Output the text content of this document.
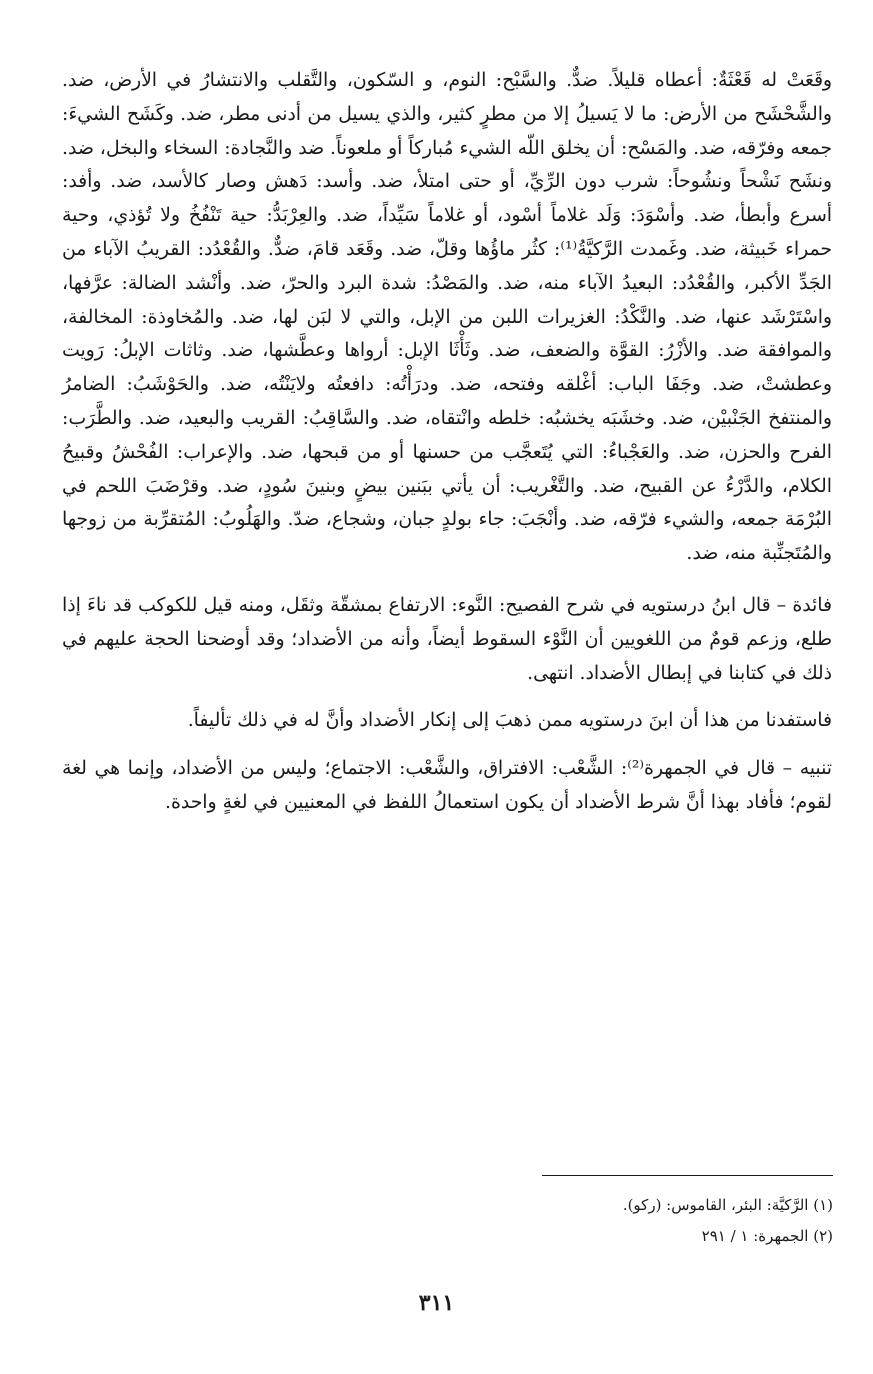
وقَعَتْ له قَعْثَةٌ: أعطاه قليلاً. ضدٌّ. والسَّبْح: النوم، و السّكون، والتَّقلب والانتشارُ في الأرض، ضد. والشَّحْشَح من الأرض: ما لا يَسيلُ إلا من مطرٍ كثير، والذي يسيل من أدنى مطر، ضد. وكَشَح الشيءَ: جمعه وفرّقه، ضد. والمَسْح: أن يخلق اللّه الشيء مُباركاً أو ملعوناً. ضد والنَّجادة: السخاء والبخل، ضد. ونشَح نَشْحاً ونشُوحاً: شرب دون الرِّيِّ، أو حتى امتلأ، ضد. وأسد: دَهش وصار كالأسد، ضد. وأفد: أسرع وأبطأ، ضد. وأسْوَدَ: وَلَد غلاماً أسْود، أو غلاماً سَيِّداً، ضد. والعِرْبَدُّ: حية تَنْفُخُ ولا تُؤذي، وحية حمراء خَبيثة، ضد. وغَمدت الرَّكيَّةُ⁽¹⁾: كثُر ماؤُها وقلّ، ضد. وقَعَد قامَ، ضدٌّ. والقُعْدُد: القريبُ الآباء من الجَدِّ الأكبر، والقُعْدُد: البعيدُ الآباء منه، ضد. والمَصْدُ: شدة البرد والحرّ، ضد. وأنْشد الضالة: عرَّفها، واسْتَرْشَد عنها، ضد. والنَّكْدُ: الغزيرات اللبن من الإبل، والتي لا لبَن لها، ضد. والمُخاوذة: المخالفة، والموافقة ضد. والأزْرُ: القوَّة والضعف، ضد. وثَأْثَا الإبل: أرواها وعطَّشها، ضد. وثاثات الإبلُ: رَويت وعطشتْ، ضد. وجَفَا الباب: أغْلقه وفتحه، ضد. ودرَأْتُه: دافعتُه ولايَنْتُه، ضد. والحَوْشَبُ: الضامرُ والمنتفخ الجَنْبيْن، ضد. وخشَبَه يخشبُه: خلطه وانْتقاه، ضد. والسَّاقِبُ: القريب والبعيد، ضد. والطَّرَب: الفرح والحزن، ضد. والعَجْباءُ: التي يُتَعجَّب من حسنها أو من قبحها، ضد. والإعراب: الفُحْشُ وقبيحُ الكلام، والدَّرْءُ عن القبيح، ضد. والتَّغْريب: أن يأتي ببَنين بيضٍ وبنينَ سُودٍ، ضد. وقرْضَبَ اللحم في البُرْمَة جمعه، والشيء فرّقه، ضد. وأنْجَبَ: جاء بولدٍ جبان، وشجاع، ضدّ. والهَلُوبُ: المُتقرِّبة من زوجها والمُتَجنِّبة منه، ضد.

فائدة – قال ابنُ درستويه في شرح الفصيح: النَّوء: الارتفاع بمشقّة وثقَل، ومنه قيل للكوكب قد ناءَ إذا طلع، وزعم قومٌ من اللغويين أن النَّوْء السقوط أيضاً، وأنه من الأضداد؛ وقد أوضحنا الحجة عليهم في ذلك في كتابنا في إبطال الأضداد. انتهى.

فاستفدنا من هذا أن ابنَ درستويه ممن ذهبَ إلى إنكار الأضداد وأنَّ له في ذلك تأليفاً.

تنبيه – قال في الجمهرة⁽²⁾: الشَّعْب: الافتراق، والشَّعْب: الاجتماع؛ وليس من الأضداد، وإنما هي لغة لقوم؛ فأفاد بهذا أنَّ شرط الأضداد أن يكون استعمالُ اللفظ في المعنيين في لغةٍ واحدة.

(١) الرَّكيَّة: البئر، القاموس: (ركو).
(٢) الجمهرة: ١ / ٢٩١
٣١١
